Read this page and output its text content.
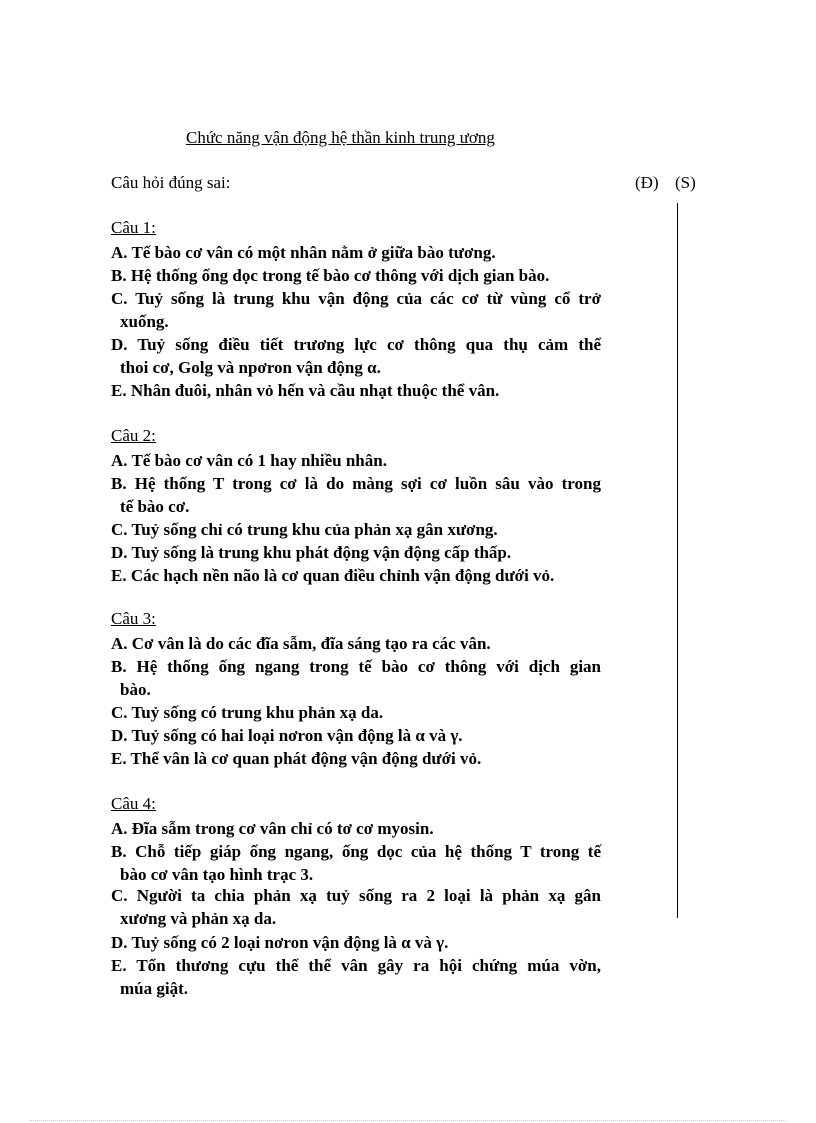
Chức năng vận động hệ thần kinh trung ương
Câu hỏi đúng sai:	(Đ) (S)
Câu 1:
A. Tế bào cơ vân có một nhân nằm ở giữa bào tương.
B. Hệ thống ống dọc trong tế bào cơ thông với dịch gian bào.
C. Tuỷ sống là trung khu vận động của các cơ từ vùng cổ trở
xuống.
D. Tuỷ sống điều tiết trương lực cơ thông qua thụ cảm thể
thoi cơ, Golg và npơron vận động α.
E. Nhân đuôi, nhân vỏ hến và cầu nhạt thuộc thể vân.
Câu 2:
A. Tế bào cơ vân có 1 hay nhiều nhân.
B. Hệ thống T trong cơ là do màng sợi cơ luồn sâu vào trong
tế bào cơ.
C. Tuỷ sống chỉ có trung khu của phản xạ gân xương.
D. Tuỷ sống là trung khu phát động vận động cấp thấp.
E. Các hạch nền não là cơ quan điều chỉnh vận động dưới vỏ.
Câu 3:
A. Cơ vân là do các đĩa sẫm, đĩa sáng tạo ra các vân.
B. Hệ thống ống ngang trong tế bào cơ thông với dịch gian
bào.
C. Tuỷ sống có trung khu phản xạ da.
D. Tuỷ sống có hai loại nơron vận động là α và γ.
E. Thể vân là cơ quan phát động vận động dưới vỏ.
Câu 4:
A. Đĩa sẫm trong cơ vân chỉ có tơ cơ myosin.
B. Chỗ tiếp giáp ống ngang, ống dọc của hệ thống T trong tế
bào cơ vân tạo hình trạc 3.
C. Người ta chia phản xạ tuỷ sống ra 2 loại là phản xạ gân
xương và phản xạ da.
D. Tuỷ sống có 2 loại nơron vận động là α và γ.
E. Tổn thương cựu thể thể vân gây ra hội chứng múa vờn,
múa giật.
